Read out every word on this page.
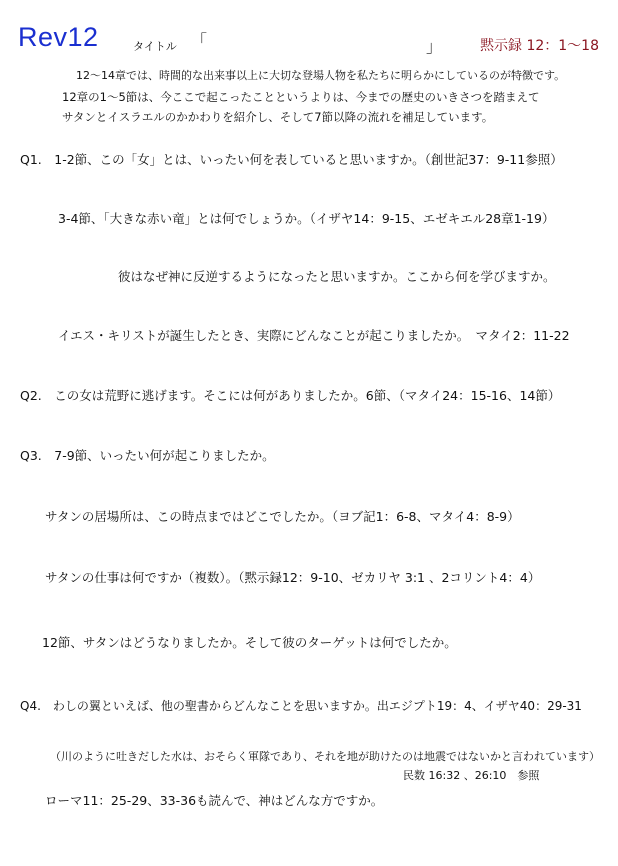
Rev12	タイトル 「	」	黙示録 12：1〜18
12〜14章では、時間的な出来事以上に大切な登場人物を私たちに明らかにしているのが特徴です。
12章の1〜5節は、今ここで起こったことというよりは、今までの歴史のいきさつを踏まえて
サタンとイスラエルのかかわりを紹介し、そして7節以降の流れを補足しています。
Q1.　1-2節、この「女」とは、いったい何を表していると思いますか。（創世記37：9-11参照）
3-4節、「大きな赤い竜」とは何でしょうか。（イザヤ14：9-15、エゼキエル28章1-19）
彼はなぜ神に反逆するようになったと思いますか。ここから何を学びますか。
イエス・キリストが誕生したとき、実際にどんなことが起こりましたか。　マタイ2：11-22
Q2.　この女は荒野に逃げます。そこには何がありましたか。6節、（マタイ24：15-16、14節）
Q3.　7-9節、いったい何が起こりましたか。
サタンの居場所は、この時点まではどこでしたか。（ヨブ記1：6-8、マタイ4：8-9）
サタンの仕事は何ですか（複数）。（黙示録12：9-10、ゼカリヤ 3:1 、2コリント4：4）
12節、サタンはどうなりましたか。そして彼のターゲットは何でしたか。
Q4.　わしの翼といえば、他の聖書からどんなことを思いますか。出エジプト19：4、イザヤ40：29-31
（川のように吐きだした水は、おそらく軍隊であり、それを地が助けたのは地震ではないかと言われています）
民数 16:32 、26:10　参照
ローマ11：25-29、33-36も読んで、神はどんな方ですか。
